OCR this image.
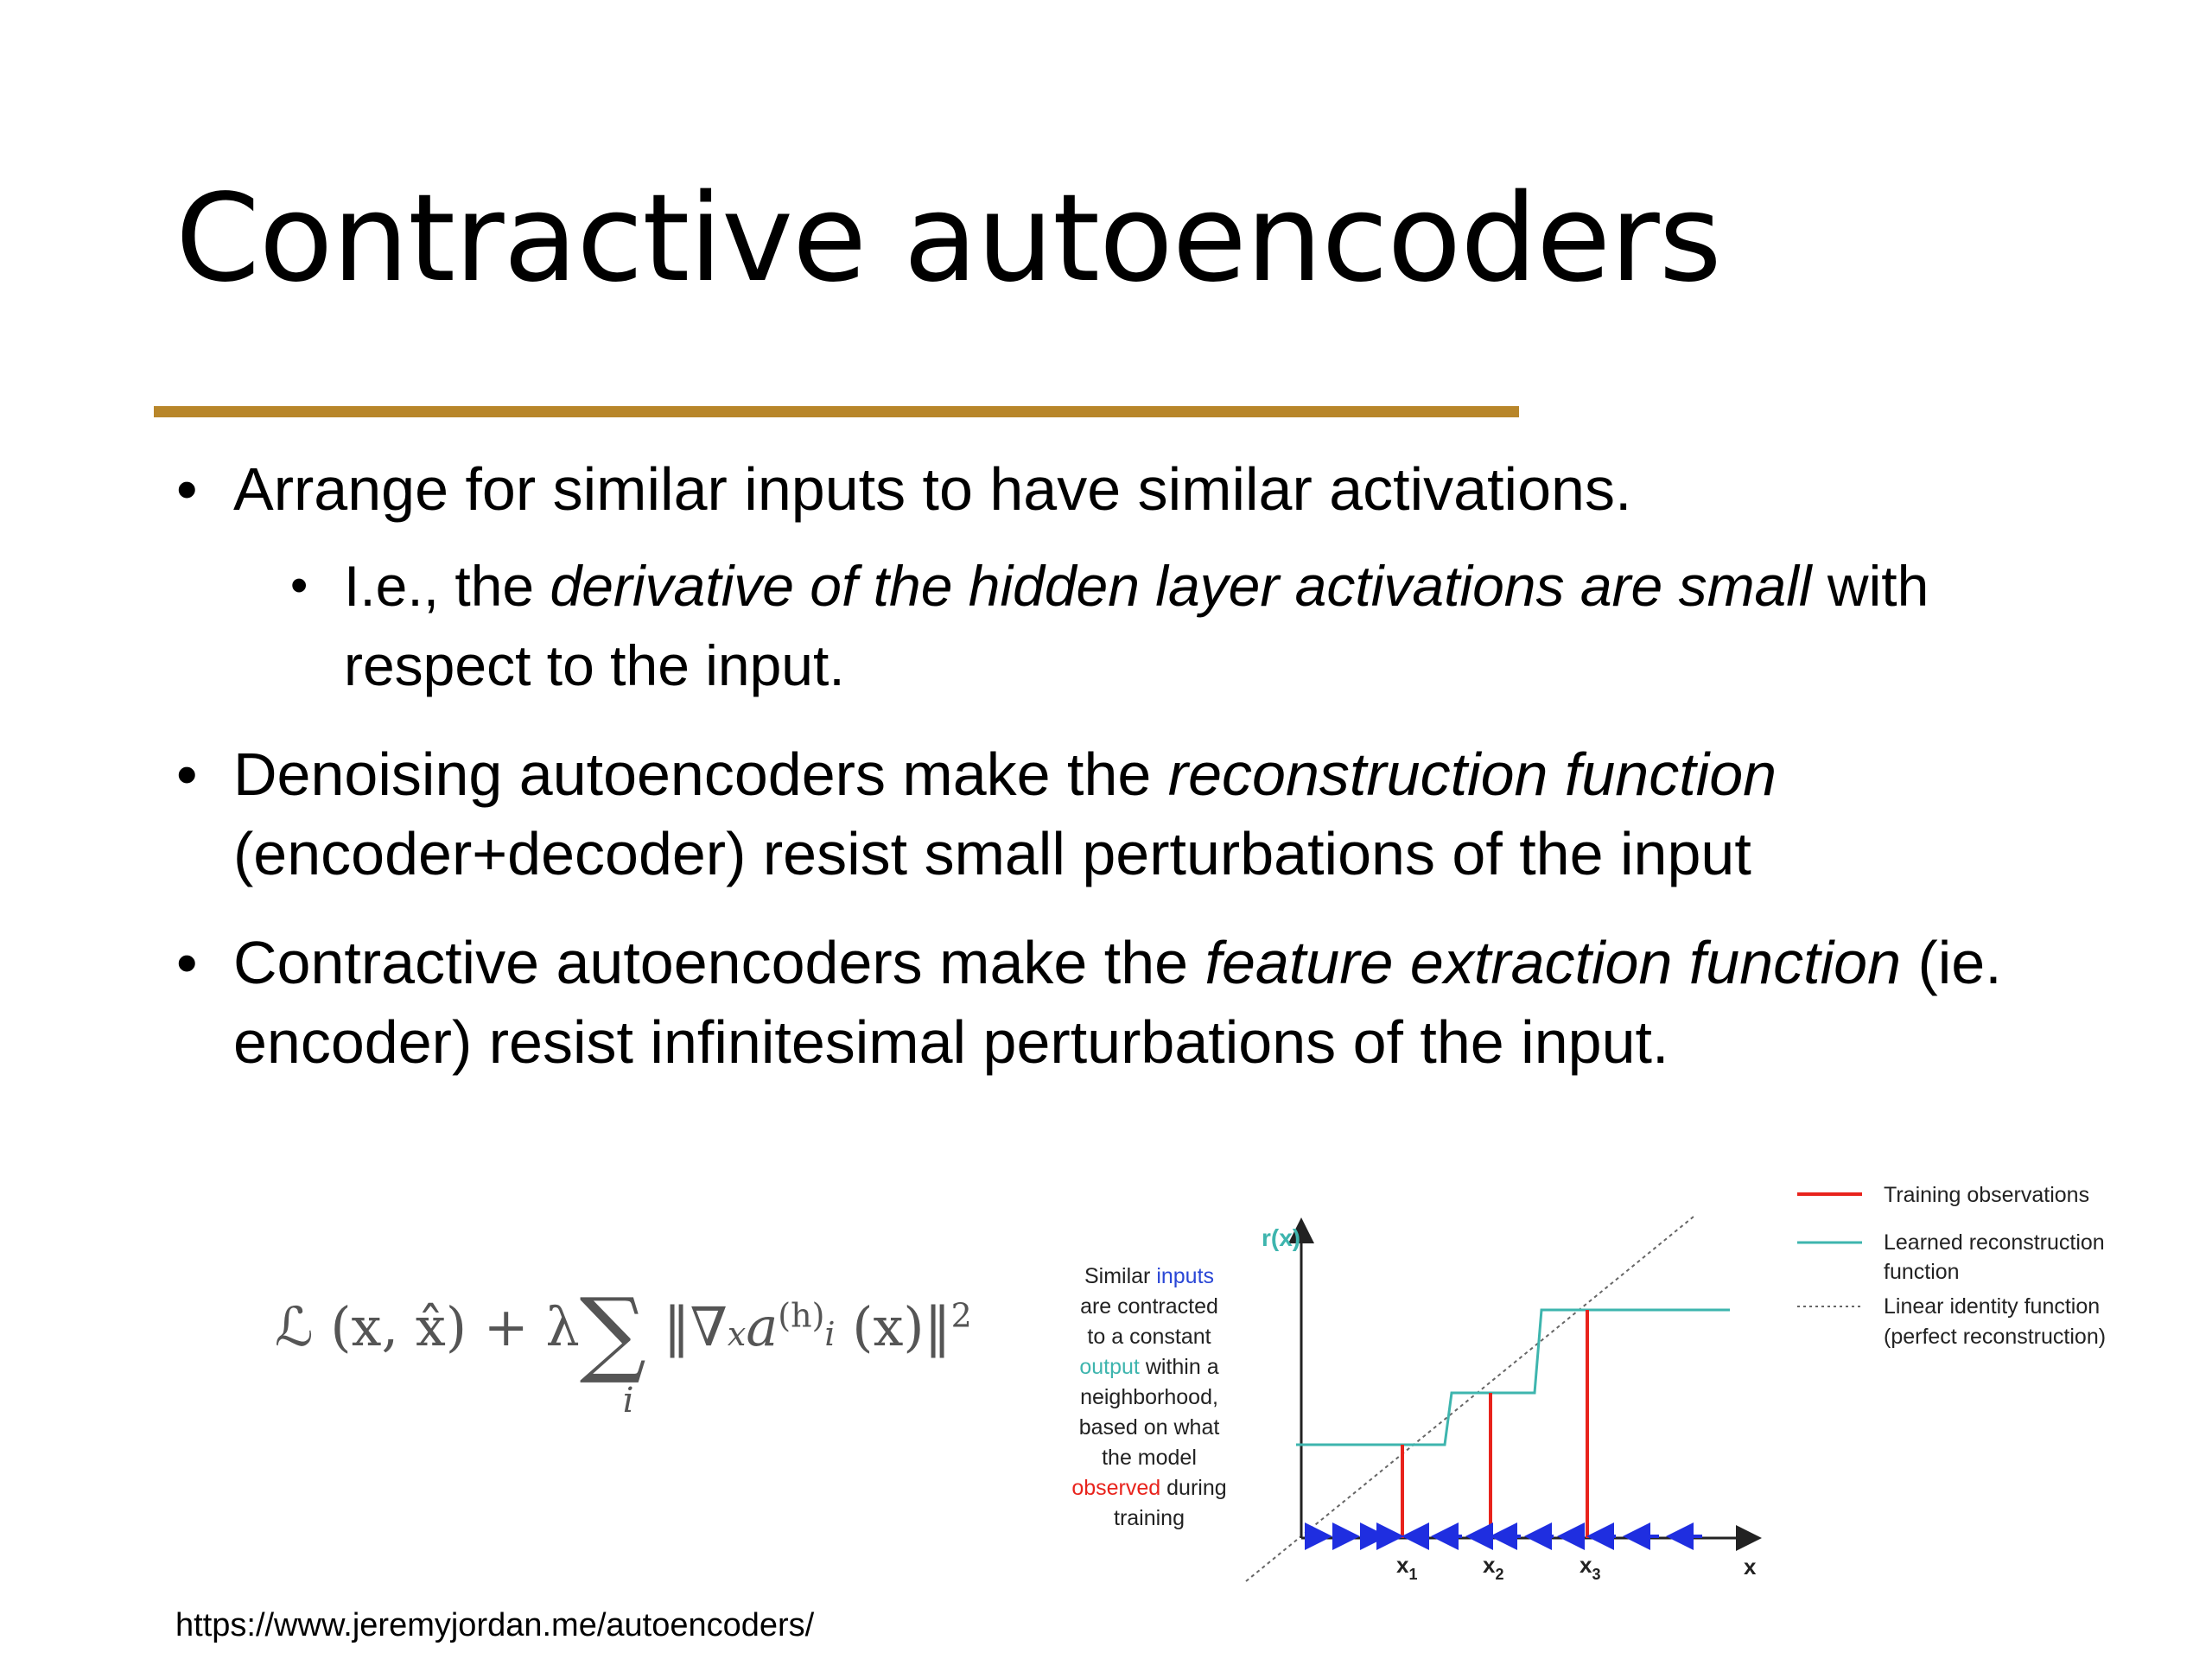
Contractive autoencoders
• Arrange for similar inputs to have similar activations.
• I.e., the derivative of the hidden layer activations are small with respect to the input.
• Denoising autoencoders make the reconstruction function (encoder+decoder) resist small perturbations of the input
• Contractive autoencoders make the feature extraction function (ie. encoder) resist infinitesimal perturbations of the input.
ℒ (x, x̂) + λ∑
i
$‖\nabla xa^{(h)}i$ (x)‖$^2$
Similar inputs
are contracted
to a constant
output within a
neighborhood,
based on what
the model
observed during
training
r(x)
x
$x_1$	$x_2$	$x_3$
Training observations
Learned reconstruction
function
Linear identity function
(perfect reconstruction)
https://www.jeremyjordan.me/autoencoders/
